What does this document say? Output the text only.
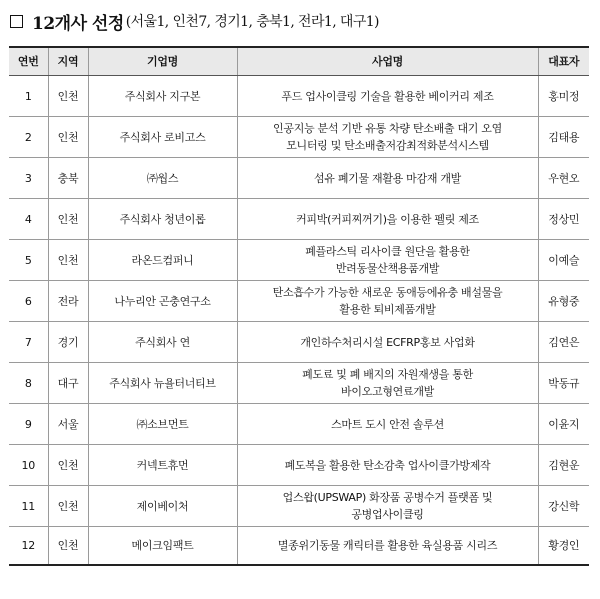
12개사 선정 (서울1, 인천7, 경기1, 충북1, 전라1, 대구1)
연번	지역	기업명	사업명	대표자
1	인천	주식회사 지구본	푸드 업사이클링 기술을 활용한 베이커리 제조	홍미정
2	인천	주식회사 로비고스	인공지능 분석 기반 유통 차량 탄소배출 대기 오염
모니터링 및 탄소배출저감최적화분석시스템	김태용
3	충북	㈜웝스	섬유 폐기물 재활용 마감재 개발	우현오
4	인천	주식회사 청년이롭	커피박(커피찌꺼기)을 이용한 펠릿 제조	정상민
5	인천	라온드컴퍼니	폐플라스틱 리사이클 원단을 활용한
반려동물산책용품개발	이예슬
6	전라	나누리안 곤충연구소	탄소흡수가 가능한 새로운 동애등에유충 배설물을
활용한 퇴비제품개발	유형중
7	경기	주식회사 연	개인하수처리시설 ECFRP홍보 사업화	김연은
8	대구	주식회사 뉴욜터너티브	폐도료 및 폐 배지의 자원재생을 통한
바이오고형연료개발	박동규
9	서울	㈜소브먼트	스마트 도시 안전 솔루션	이윤지
10	인천	커넥트휴먼	폐도복을 활용한 탄소감축 업사이클가방제작	김현운
11	인천	제이베이처	업스왑(UPSWAP) 화장품 공병수거 플랫폼 및
공병업사이클링	강신학
12	인천	메이크임팩트	멸종위기동물 캐릭터를 활용한 육실용품 시리즈	황경인
